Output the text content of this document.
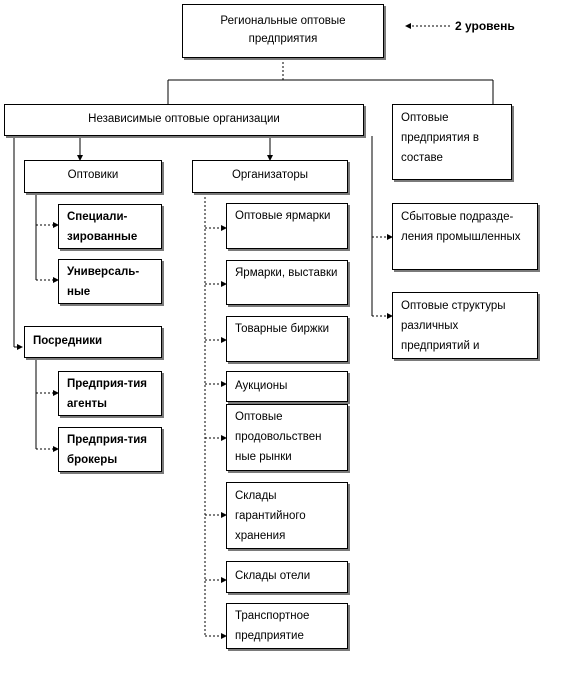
Региональные оптовые предприятия
2 уровень
Независимые оптовые организации	Оптовые предприятия в составе
Оптовики	Организаторы
Специали-зированные
Универсаль-ные
Посредники
Предприя-тия агенты
Предприя-тия брокеры
Оптовые ярмарки
Ярмарки, выставки
Товарные биржки
Аукционы
Оптовые продовольствен ные рынки
Склады гарантийного хранения
Склады отели
Транспортное предприятие
Сбытовые подразде-ления промышленных
Оптовые структуры различных предприятий и
